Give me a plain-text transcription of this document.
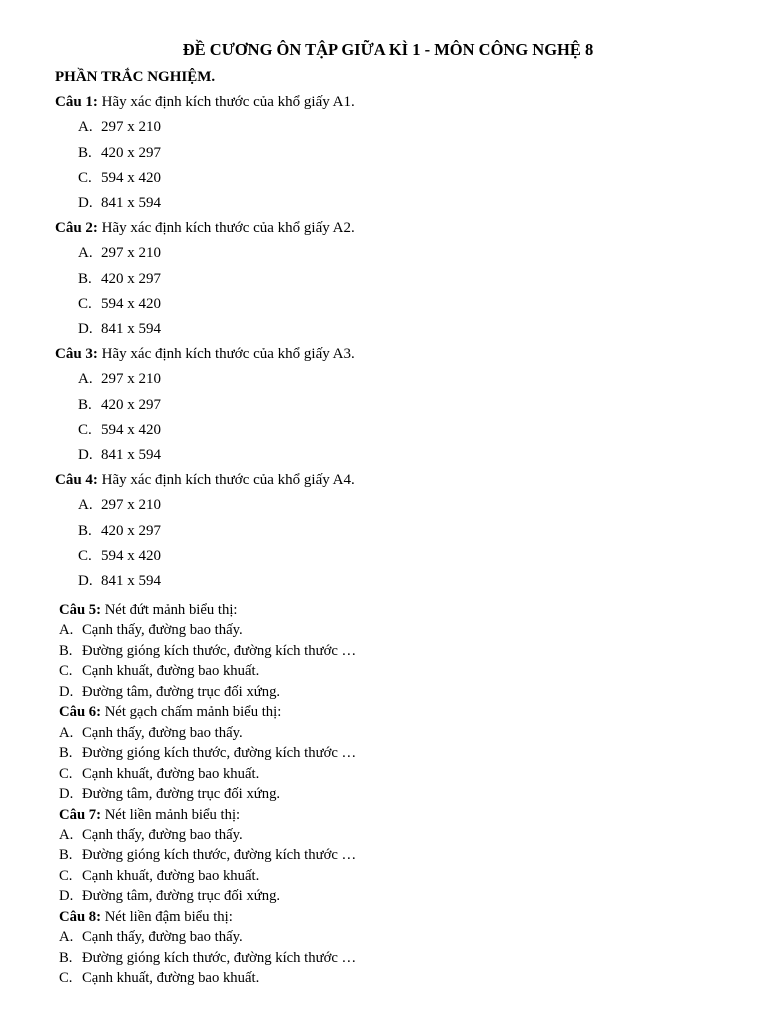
ĐỀ CƯƠNG ÔN TẬP GIỮA KÌ 1 - MÔN CÔNG NGHỆ 8
PHẦN TRẮC NGHIỆM.
Câu 1: Hãy xác định kích thước của khổ giấy A1.
A. 297 x 210
B. 420 x 297
C. 594 x 420
D. 841 x 594
Câu 2: Hãy xác định kích thước của khổ giấy A2.
A. 297 x 210
B. 420 x 297
C. 594 x 420
D. 841 x 594
Câu 3: Hãy xác định kích thước của khổ giấy A3.
A. 297 x 210
B. 420 x 297
C. 594 x 420
D. 841 x 594
Câu 4: Hãy xác định kích thước của khổ giấy A4.
A. 297 x 210
B. 420 x 297
C. 594 x 420
D. 841 x 594
Câu 5: Nét đứt mảnh biểu thị:
A. Cạnh thấy, đường bao thấy.
B. Đường gióng kích thước, đường kích thước …
C. Cạnh khuất, đường bao khuất.
D. Đường tâm, đường trục đối xứng.
Câu 6: Nét gạch chấm mảnh biểu thị:
A. Cạnh thấy, đường bao thấy.
B. Đường gióng kích thước, đường kích thước …
C. Cạnh khuất, đường bao khuất.
D. Đường tâm, đường trục đối xứng.
Câu 7: Nét liền mảnh biểu thị:
A. Cạnh thấy, đường bao thấy.
B. Đường gióng kích thước, đường kích thước …
C. Cạnh khuất, đường bao khuất.
D. Đường tâm, đường trục đối xứng.
Câu 8: Nét liền đậm biểu thị:
A. Cạnh thấy, đường bao thấy.
B. Đường gióng kích thước, đường kích thước …
C. Cạnh khuất, đường bao khuất.
